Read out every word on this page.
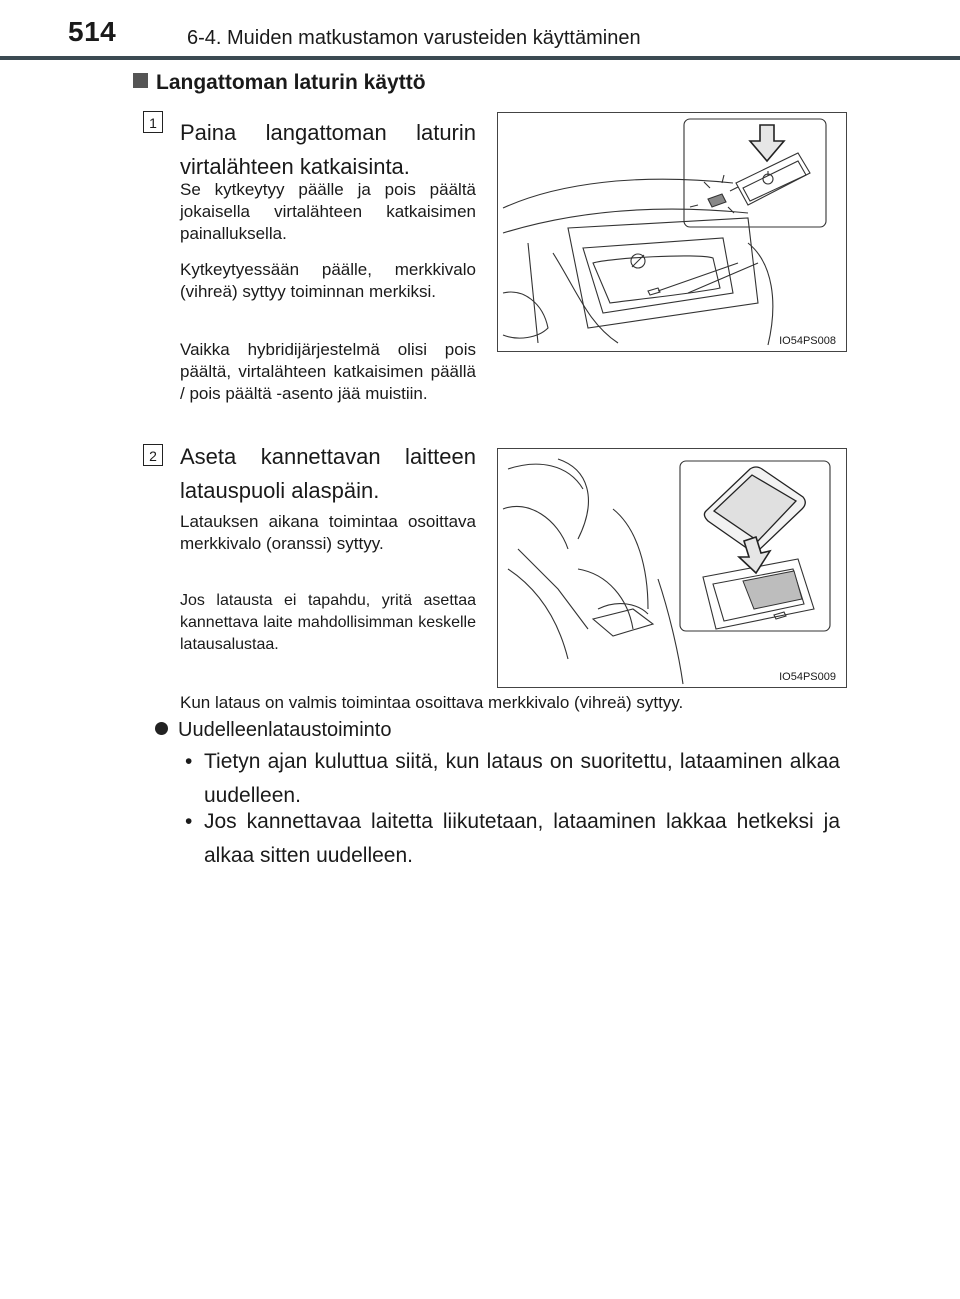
514	6-4. Muiden matkustamon varusteiden käyttäminen
Langattoman laturin käyttö
1 Paina langattoman laturin virtalähteen katkaisinta.

Se kytkeytyy päälle ja pois päältä jokaisella virtalähteen katkaisimen painalluksella.

Kytkeytyessään päälle, merkkivalo (vihreä) syttyy toiminnan merkiksi.

Vaikka hybridijärjestelmä olisi pois päältä, virtalähteen katkaisimen päällä / pois päältä -asento jää muistiin.

IO54PS008
2 Aseta kannettavan laitteen latauspuoli alaspäin.

Latauksen aikana toimintaa osoittava merkkivalo (oranssi) syttyy.

Jos latausta ei tapahdu, yritä asettaa kannettava laite mahdollisimman keskelle latausalustaa.

IO54PS009
Kun lataus on valmis toimintaa osoittava merkkivalo (vihreä) syttyy.
Uudelleenlataustoiminto
• Tietyn ajan kuluttua siitä, kun lataus on suoritettu, lataaminen alkaa uudelleen.
• Jos kannettavaa laitetta liikutetaan, lataaminen lakkaa hetkeksi ja alkaa sitten uudelleen.
